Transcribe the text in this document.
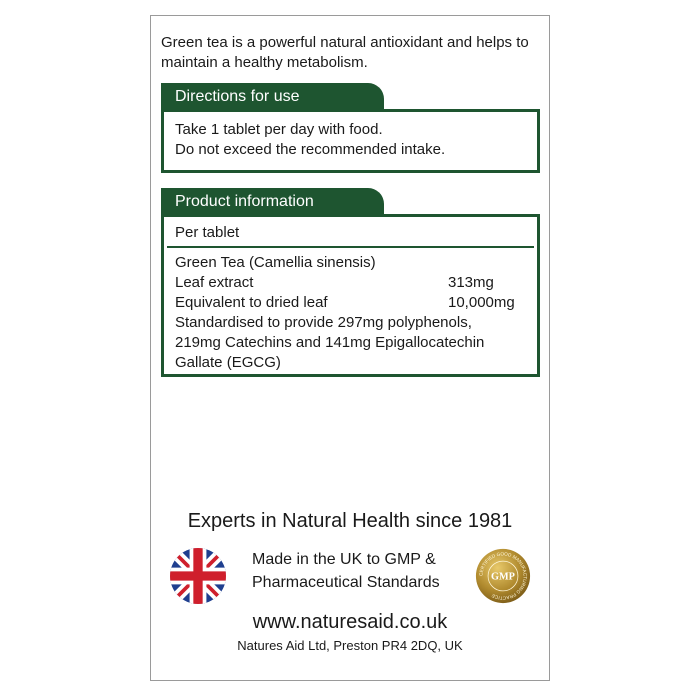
Green tea is a powerful natural antioxidant and helps to
maintain a healthy metabolism.
Directions for use
Take 1 tablet per day with food.
Do not exceed the recommended intake.
Product information
Per tablet
Green Tea (Camellia sinensis)
Leaf extract	313mg
Equivalent to dried leaf	10,000mg
Standardised to provide 297mg polyphenols,
219mg Catechins and 141mg Epigallocatechin
Gallate (EGCG)
Experts in Natural Health since 1981
Made in the UK to GMP &
Pharmaceutical Standards	CERTIFIED GOOD MANUFACTURING PRACTICE
GMP
www.naturesaid.co.uk
Natures Aid Ltd, Preston PR4 2DQ, UK
